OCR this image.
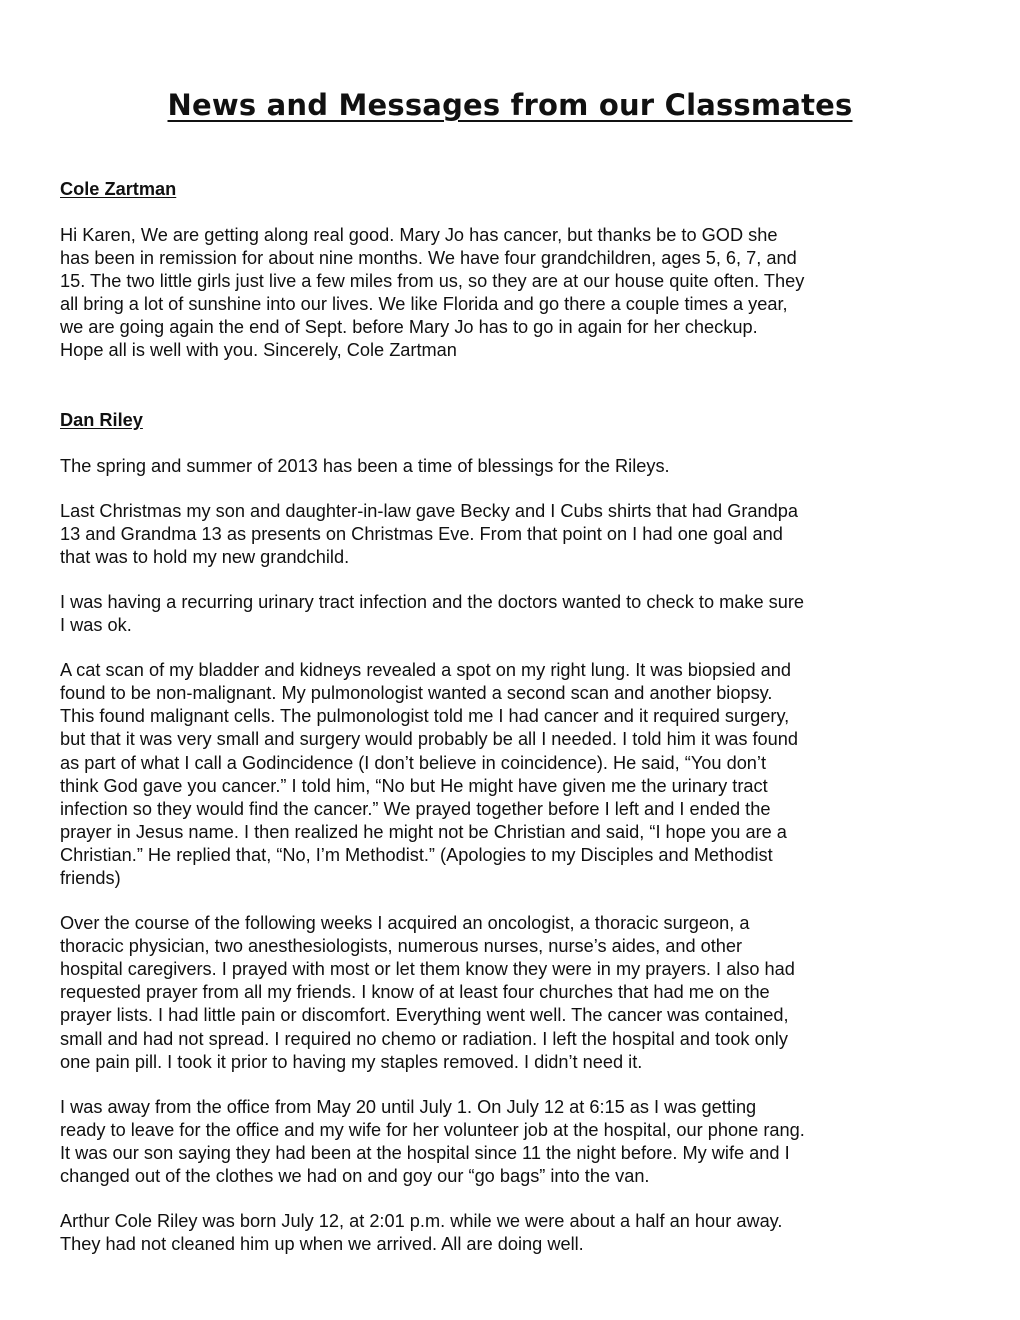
News and Messages from our Classmates
Cole Zartman

Hi Karen, We are getting along real good. Mary Jo has cancer, but thanks be to GOD she
has been in remission for about nine months. We have four grandchildren, ages 5, 6, 7, and
15. The two little girls just live a few miles from us, so they are at our house quite often. They
all bring a lot of sunshine into our lives. We like Florida and go there a couple times a year,
we are going again the end of Sept. before Mary Jo has to go in again for her checkup.
Hope all is well with you. Sincerely, Cole Zartman

Dan Riley

The spring and summer of 2013 has been a time of blessings for the Rileys.

Last Christmas my son and daughter-in-law gave Becky and I Cubs shirts that had Grandpa
13 and Grandma 13 as presents on Christmas Eve. From that point on I had one goal and
that was to hold my new grandchild.

I was having a recurring urinary tract infection and the doctors wanted to check to make sure
I was ok.

A cat scan of my bladder and kidneys revealed a spot on my right lung. It was biopsied and
found to be non-malignant. My pulmonologist wanted a second scan and another biopsy.
This found malignant cells. The pulmonologist told me I had cancer and it required surgery,
but that it was very small and surgery would probably be all I needed. I told him it was found
as part of what I call a Godincidence (I don’t believe in coincidence). He said, “You don’t
think God gave you cancer.” I told him, “No but He might have given me the urinary tract
infection so they would find the cancer.” We prayed together before I left and I ended the
prayer in Jesus name. I then realized he might not be Christian and said, “I hope you are a
Christian.” He replied that, “No, I’m Methodist.” (Apologies to my Disciples and Methodist
friends)

Over the course of the following weeks I acquired an oncologist, a thoracic surgeon, a
thoracic physician, two anesthesiologists, numerous nurses, nurse’s aides, and other
hospital caregivers. I prayed with most or let them know they were in my prayers. I also had
requested prayer from all my friends. I know of at least four churches that had me on the
prayer lists. I had little pain or discomfort. Everything went well. The cancer was contained,
small and had not spread. I required no chemo or radiation. I left the hospital and took only
one pain pill. I took it prior to having my staples removed. I didn’t need it.

I was away from the office from May 20 until July 1. On July 12 at 6:15 as I was getting
ready to leave for the office and my wife for her volunteer job at the hospital, our phone rang.
It was our son saying they had been at the hospital since 11 the night before. My wife and I
changed out of the clothes we had on and goy our “go bags” into the van.

Arthur Cole Riley was born July 12, at 2:01 p.m. while we were about a half an hour away.
They had not cleaned him up when we arrived. All are doing well.
